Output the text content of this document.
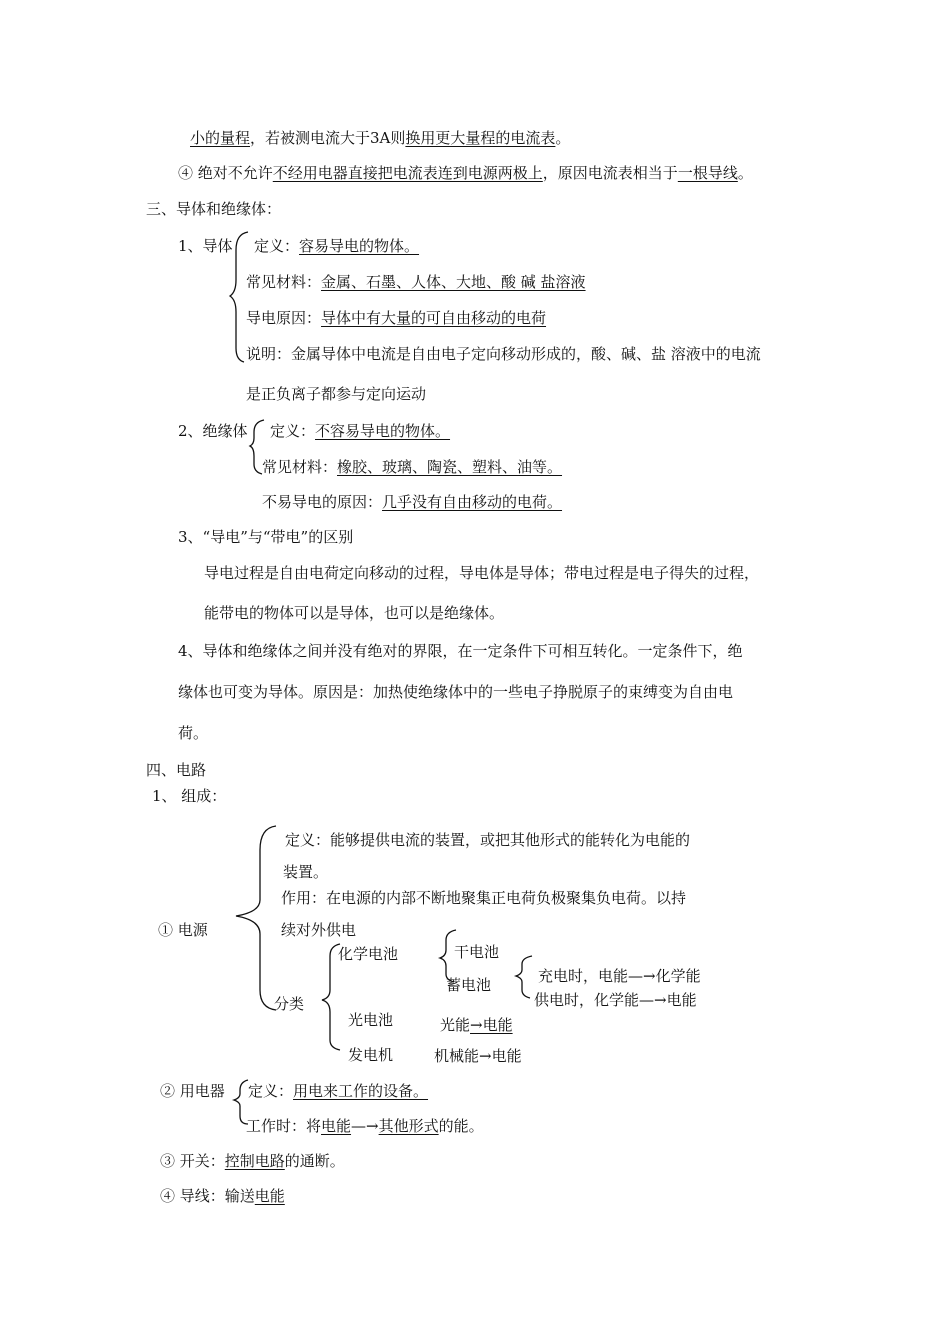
小的量程，若被测电流大于3A则换用更大量程的电流表。
④ 绝对不允许不经用电器直接把电流表连到电源两极上，原因电流表相当于一根导线。
三、导体和绝缘体：
1、导体 定义：容易导电的物体。
常见材料：金属、石墨、人体、大地、酸 碱 盐溶液
导电原因：导体中有大量的可自由移动的电荷
说明：金属导体中电流是自由电子定向移动形成的，酸、碱、盐 溶液中的电流
是正负离子都参与定向运动
2、绝缘体 定义：不容易导电的物体。
常见材料：橡胶、玻璃、陶瓷、塑料、油等。
不易导电的原因：几乎没有自由移动的电荷。
3、“导电”与“带电”的区别
导电过程是自由电荷定向移动的过程，导电体是导体；带电过程是电子得失的过程，
能带电的物体可以是导体，也可以是绝缘体。
4、导体和绝缘体之间并没有绝对的界限，在一定条件下可相互转化。一定条件下，绝
缘体也可变为导体。原因是：加热使绝缘体中的一些电子挣脱原子的束缚变为自由电
荷。
四、电路
1、 组成：
定义：能够提供电流的装置，或把其他形式的能转化为电能的
装置。
作用：在电源的内部不断地聚集正电荷负极聚集负电荷。以持
续对外供电
① 电源
分类
化学电池	干电池
蓄电池	充电时，电能—→化学能
供电时，化学能—→电能
光电池	光能→电能
发电机	机械能→电能
② 用电器 定义：用电来工作的设备。
工作时：将电能—→其他形式的能。
③ 开关：控制电路的通断。
④ 导线：输送电能
